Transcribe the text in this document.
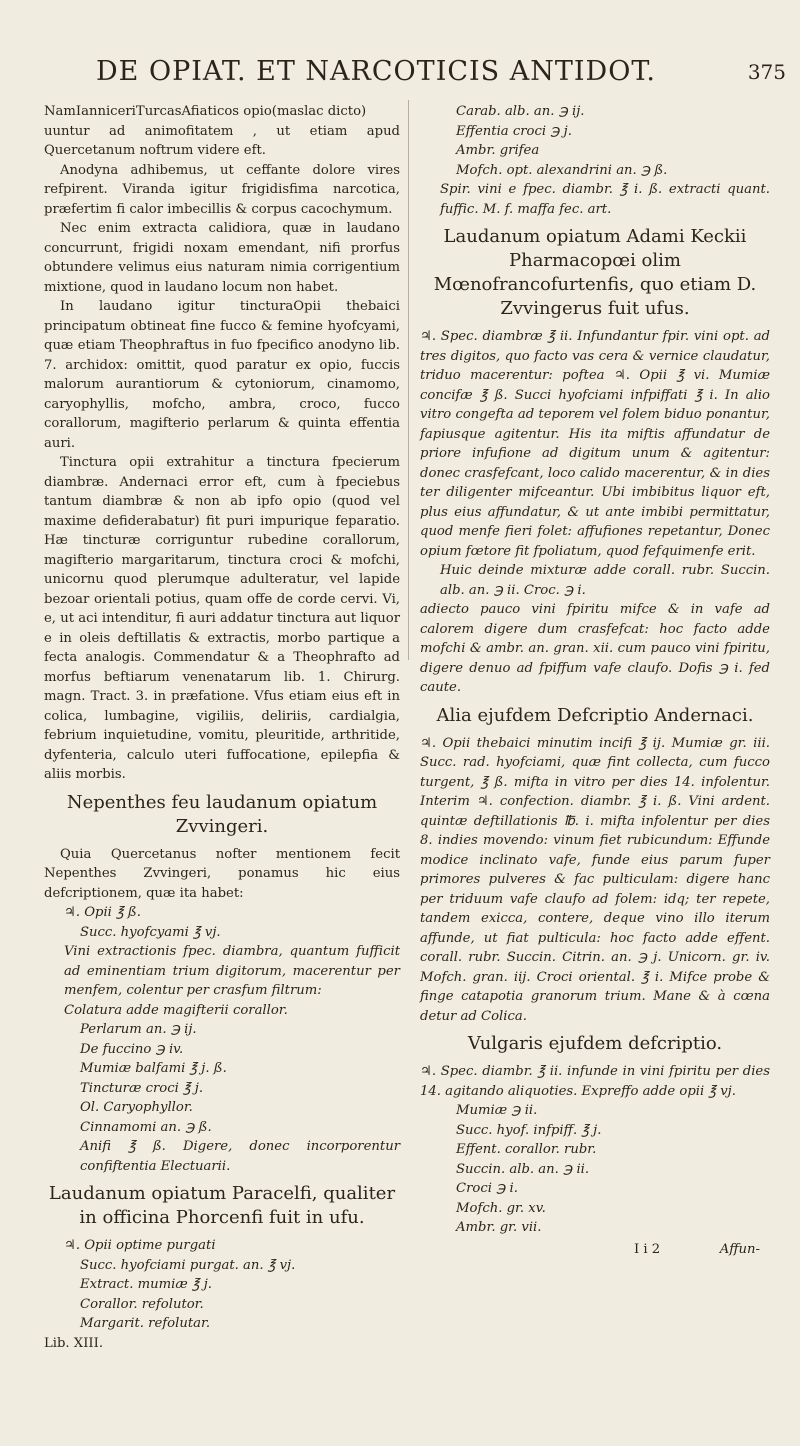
DE OPIAT. ET NARCOTICIS ANTIDOT.	375

NamIanniceriTurcasAfiaticos opio(maslac dicto)

uuntur ad animofitatem , ut etiam apud Quercetanum noftrum videre eft.

Anodyna adhibemus, ut ceffante dolore vires refpirent. Viranda igitur frigidisfima narcotica, præfertim fi calor imbecillis & corpus cacochymum.

Nec enim extracta calidiora, quæ in laudano concurrunt, frigidi noxam emendant, nifi prorfus obtundere velimus eius naturam nimia corrigentium mixtione, quod in laudano locum non habet.

In laudano igitur tincturaOpii thebaici principatum obtineat fine fucco & femine hyofcyami, quæ etiam Theophraftus in fuo fpecifico anodyno lib. 7. archidox: omittit, quod paratur ex opio, fuccis malorum aurantiorum & cytoniorum, cinamomo, caryophyllis, mofcho, ambra, croco, fucco corallorum, magifterio perlarum & quinta effentia auri.

Tinctura opii extrahitur a tinctura fpecierum diambræ. Andernaci error eft, cum à fpeciebus tantum diambræ & non ab ipfo opio (quod vel maxime defiderabatur) fit puri impurique feparatio. Hæ tincturæ corriguntur rubedine corallorum, magifterio margaritarum, tinctura croci & mofchi, unicornu quod plerumque adulteratur, vel lapide bezoar orientali potius, quam offe de corde cervi. Vi, e, ut aci intenditur, fi auri addatur tinctura aut liquor e in oleis deftillatis & extractis, morbo partique a fecta analogis. Commendatur & a Theophrafto ad morfus beftiarum venenatarum lib. 1. Chirurg. magn. Tract. 3. in præfatione. Vfus etiam eius eft in colica, lumbagine, vigiliis, deliriis, cardialgia, febrium inquietudine, vomitu, pleuritide, arthritide, dyfenteria, calculo uteri fuffocatione, epilepfia & aliis morbis.

Nepenthes feu laudanum opiatum Zvvingeri.

Quia Quercetanus nofter mentionem fecit Nepenthes Zvvingeri, ponamus hic eius defcriptionem, quæ ita habet:

♃. Opii ℥ ß.

Succ. hyofcyami ℥ vj.

Vini extractionis fpec. diambra, quantum fufficit ad eminentiam trium digitorum, macerentur per menfem, colentur per crasfum filtrum:

Colatura adde magifterii corallor.

Perlarum an. ℈ ij.

De fuccino ℈ iv.

Mumiæ balfami ℥ j. ß.

Tincturæ croci ℥ j.

Ol. Caryophyllor.

Cinnamomi an. ℈ ß.

Anifi ℥ ß. Digere, donec incorporentur confiftentia Electuarii.

Laudanum opiatum Paracelfi, qualiter in officina Phorcenfi fuit in ufu.

♃. Opii optime purgati

Succ. hyofciami purgat. an. ℥ vj.

Extract. mumiæ ℥ j.

Corallor. refolutor.

Margarit. refolutar.

Lib. XIII.

Carab. alb. an. ℈ ij.

Effentia croci ℈ j.

Ambr. grifea

Mofch. opt. alexandrini an. ℈ ß.

Spir. vini e fpec. diambr. ℥ i. ß. extracti quant. fuffic. M. f. maffa fec. art.

Laudanum opiatum Adami Keckii Pharmacopœi olim Mœnofrancofurtenfis, quo etiam D. Zvvingerus fuit ufus.

♃. Spec. diambræ ℥ ii. Infundantur fpir. vini opt. ad tres digitos, quo facto vas cera & vernice claudatur, triduo macerentur: poftea ♃. Opii ℥ vi. Mumiæ concifæ ℥ ß. Succi hyofciami infpiffati ℥ i. In alio vitro congefta ad teporem vel folem biduo ponantur, fapiusque agitentur. His ita miftis affundatur de priore infufione ad digitum unum & agitentur: donec crasfefcant, loco calido macerentur, & in dies ter diligenter mifceantur. Ubi imbibitus liquor eft, plus eius affundatur, & ut ante imbibi permittatur, quod menfe fieri folet: affufiones repetantur, Donec opium fœtore fit fpoliatum, quod fefquimenfe erit.

Huic deinde mixturæ adde corall. rubr. Succin. alb. an. ℈ ii. Croc. ℈ i.

adiecto pauco vini fpiritu mifce & in vafe ad calorem digere dum crasfefcat: hoc facto adde mofchi & ambr. an. gran. xii. cum pauco vini fpiritu, digere denuo ad fpiffum vafe claufo. Dofis ℈ i. fed caute.

Alia ejufdem Defcriptio Andernaci.

♃. Opii thebaici minutim incifi ℥ ij. Mumiæ gr. iii. Succ. rad. hyofciami, quæ fint collecta, cum fucco turgent, ℥ ß. mifta in vitro per dies 14. infolentur. Interim ♃. confection. diambr. ℥ i. ß. Vini ardent. quintæ deftillationis ℔. i. mifta infolentur per dies 8. indies movendo: vinum fiet rubicundum: Effunde modice inclinato vafe, funde eius parum fuper primores pulveres & fac pulticulam: digere hanc per triduum vafe claufo ad folem: idq; ter repete, tandem exicca, contere, deque vino illo iterum affunde, ut fiat pulticula: hoc facto adde effent. corall. rubr. Succin. Citrin. an. ℈ j. Unicorn. gr. iv. Mofch. gran. iij. Croci oriental. ℥ i. Mifce probe & finge catapotia granorum trium. Mane & à cœna detur ad Colica.

Vulgaris ejufdem defcriptio.

♃. Spec. diambr. ℥ ii. infunde in vini fpiritu per dies 14. agitando aliquoties. Expreffo adde opii ℥ vj.

Mumiæ ℈ ii.

Succ. hyof. infpiff. ℥ j.

Effent. corallor. rubr.

Succin. alb. an. ℈ ii.

Croci ℈ i.

Mofch. gr. xv.

Ambr. gr. vii.

I i 2	Affun-
